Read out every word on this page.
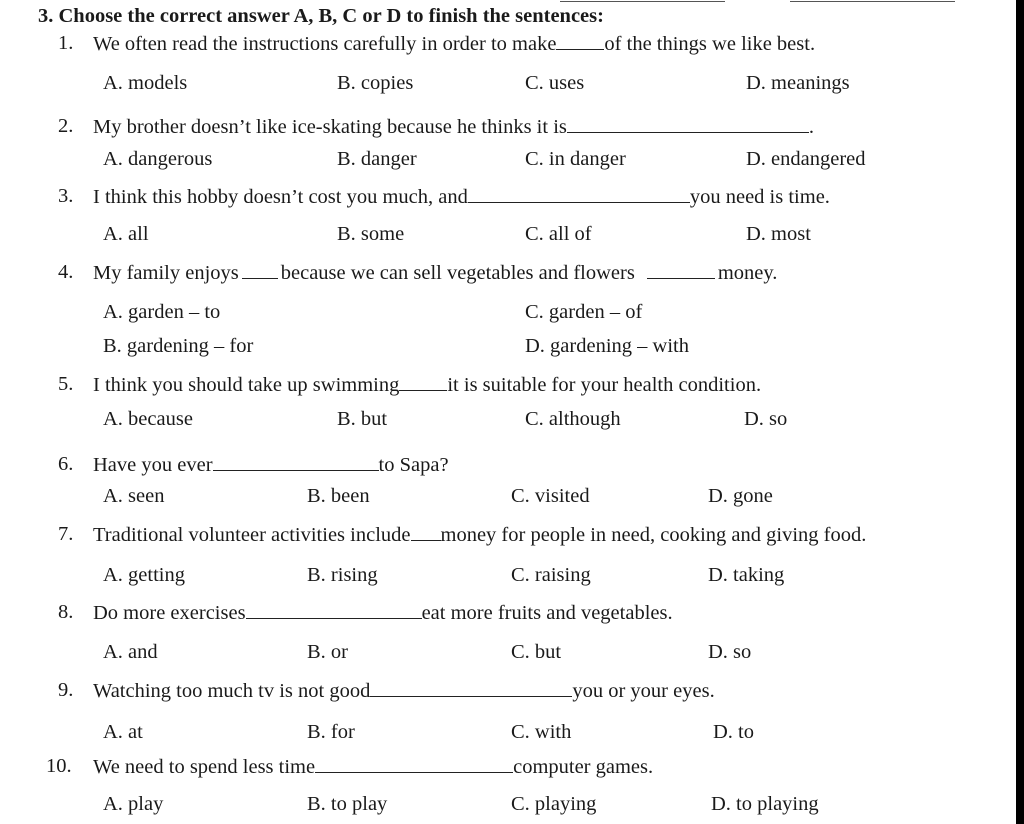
3. Choose the correct answer A, B, C or D to finish the sentences:
1. We often read the instructions carefully in order to make of the things we like best.
A. models	B. copies	C. uses	D. meanings
2. My brother doesn’t like ice-skating because he thinks it is	.
A. dangerous	B. danger	C. in danger	D. endangered
3. I think this hobby doesn’t cost you much, and	you need is time.
A. all	B. some	C. all of	D. most
4. My family enjoys because we can sell vegetables and flowers	money.
A. garden – to	C. garden – of
B. gardening – for	D. gardening – with
5. I think you should take up swimming it is suitable for your health condition.
A. because	B. but	C. although	D. so
6. Have you ever	to Sapa?
A. seen	B. been	C. visited	D. gone
7. Traditional volunteer activities include money for people in need, cooking and giving food.
A. getting	B. rising	C. raising	D. taking
8. Do more exercises	eat more fruits and vegetables.
A. and	B. or	C. but	D. so
9. Watching too much tv is not good	you or your eyes.
A. at	B. for	C. with	D. to
10. We need to spend less time	computer games.
A. play	B. to play	C. playing	D. to playing
